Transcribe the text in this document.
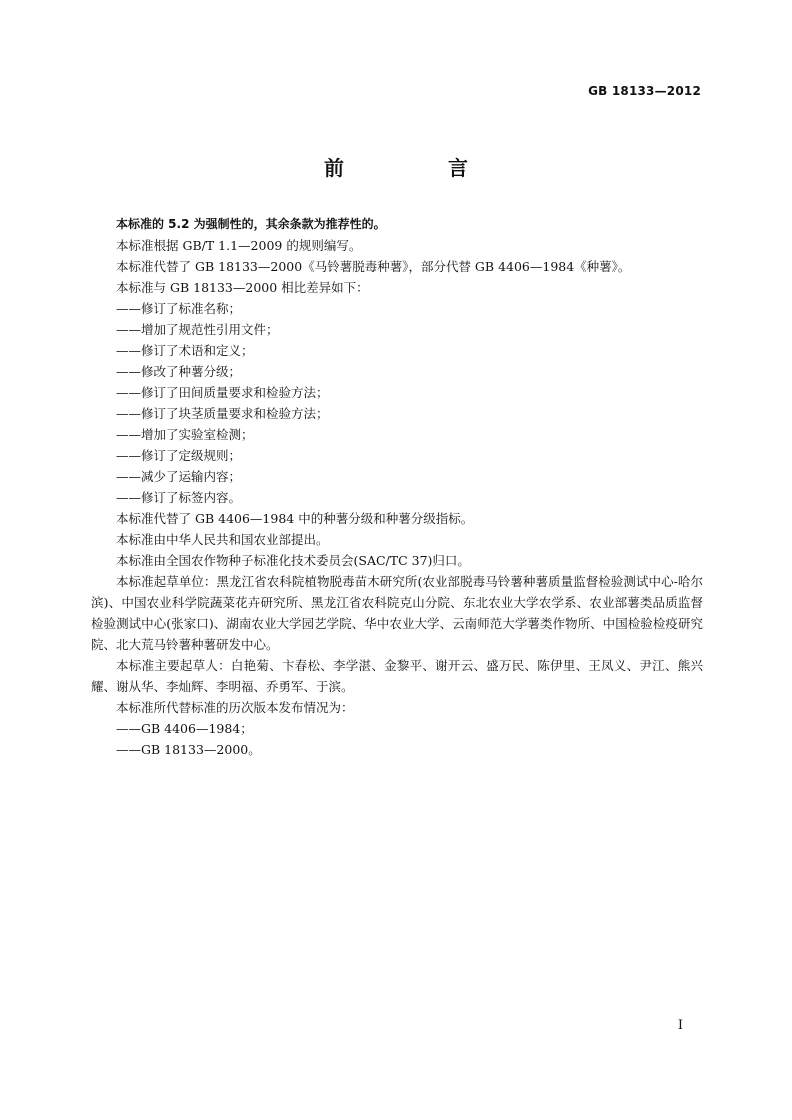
GB 18133—2012
前　言

本标准的 5.2 为强制性的，其余条款为推荐性的。

本标准根据 GB/T 1.1—2009 的规则编写。

本标准代替了 GB 18133—2000《马铃薯脱毒种薯》，部分代替 GB 4406—1984《种薯》。

本标准与 GB 18133—2000 相比差异如下：

——修订了标准名称；

——增加了规范性引用文件；

——修订了术语和定义；

——修改了种薯分级；

——修订了田间质量要求和检验方法；

——修订了块茎质量要求和检验方法；

——增加了实验室检测；

——修订了定级规则；

——减少了运输内容；

——修订了标签内容。

本标准代替了 GB 4406—1984 中的种薯分级和种薯分级指标。

本标准由中华人民共和国农业部提出。

本标准由全国农作物种子标准化技术委员会(SAC/TC 37)归口。

本标准起草单位：黑龙江省农科院植物脱毒苗木研究所(农业部脱毒马铃薯种薯质量监督检验测试中心-哈尔滨)、中国农业科学院蔬菜花卉研究所、黑龙江省农科院克山分院、东北农业大学农学系、农业部薯类品质监督检验测试中心(张家口)、湖南农业大学园艺学院、华中农业大学、云南师范大学薯类作物所、中国检验检疫研究院、北大荒马铃薯种薯研发中心。

本标准主要起草人：白艳菊、卞春松、李学湛、金黎平、谢开云、盛万民、陈伊里、王凤义、尹江、熊兴耀、谢从华、李灿辉、李明福、乔勇军、于滨。

本标准所代替标准的历次版本发布情况为：

——GB 4406—1984；

——GB 18133—2000。

I
